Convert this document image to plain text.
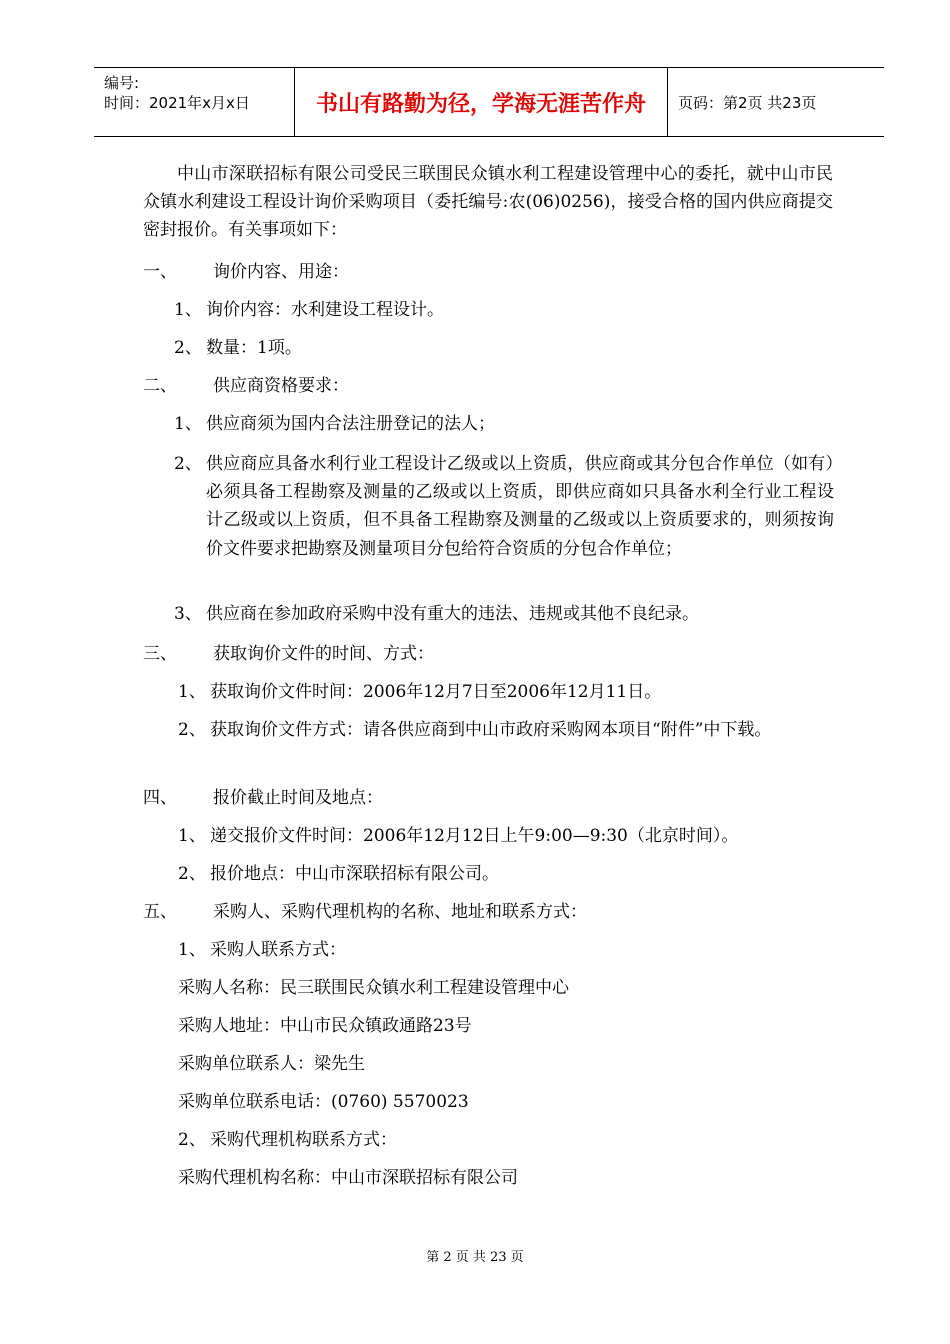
编号:
时间：2021年x月x日	书山有路勤为径，学海无涯苦作舟	页码：第2页 共23页
中山市深联招标有限公司受民三联围民众镇水利工程建设管理中心的委托，就中山市民众镇水利建设工程设计询价采购项目（委托编号:农(06)0256)，接受合格的国内供应商提交密封报价。有关事项如下：
一、 询价内容、用途：
1、 询价内容：水利建设工程设计。
2、 数量：1项。
二、 供应商资格要求：
1、 供应商须为国内合法注册登记的法人；
2、 供应商应具备水利行业工程设计乙级或以上资质，供应商或其分包合作单位（如有）必须具备工程勘察及测量的乙级或以上资质，即供应商如只具备水利全行业工程设计乙级或以上资质，但不具备工程勘察及测量的乙级或以上资质要求的，则须按询价文件要求把勘察及测量项目分包给符合资质的分包合作单位；
3、 供应商在参加政府采购中没有重大的违法、违规或其他不良纪录。
三、 获取询价文件的时间、方式：
1、 获取询价文件时间：2006年12月7日至2006年12月11日。
2、 获取询价文件方式：请各供应商到中山市政府采购网本项目“附件”中下载。
四、 报价截止时间及地点：
1、 递交报价文件时间：2006年12月12日上午9:00—9:30（北京时间）。
2、 报价地点：中山市深联招标有限公司。
五、 采购人、采购代理机构的名称、地址和联系方式：
1、 采购人联系方式：
采购人名称：民三联围民众镇水利工程建设管理中心
采购人地址：中山市民众镇政通路23号
采购单位联系人：梁先生
采购单位联系电话：(0760) 5570023
2、 采购代理机构联系方式：
采购代理机构名称：中山市深联招标有限公司
第 2 页 共 23 页
